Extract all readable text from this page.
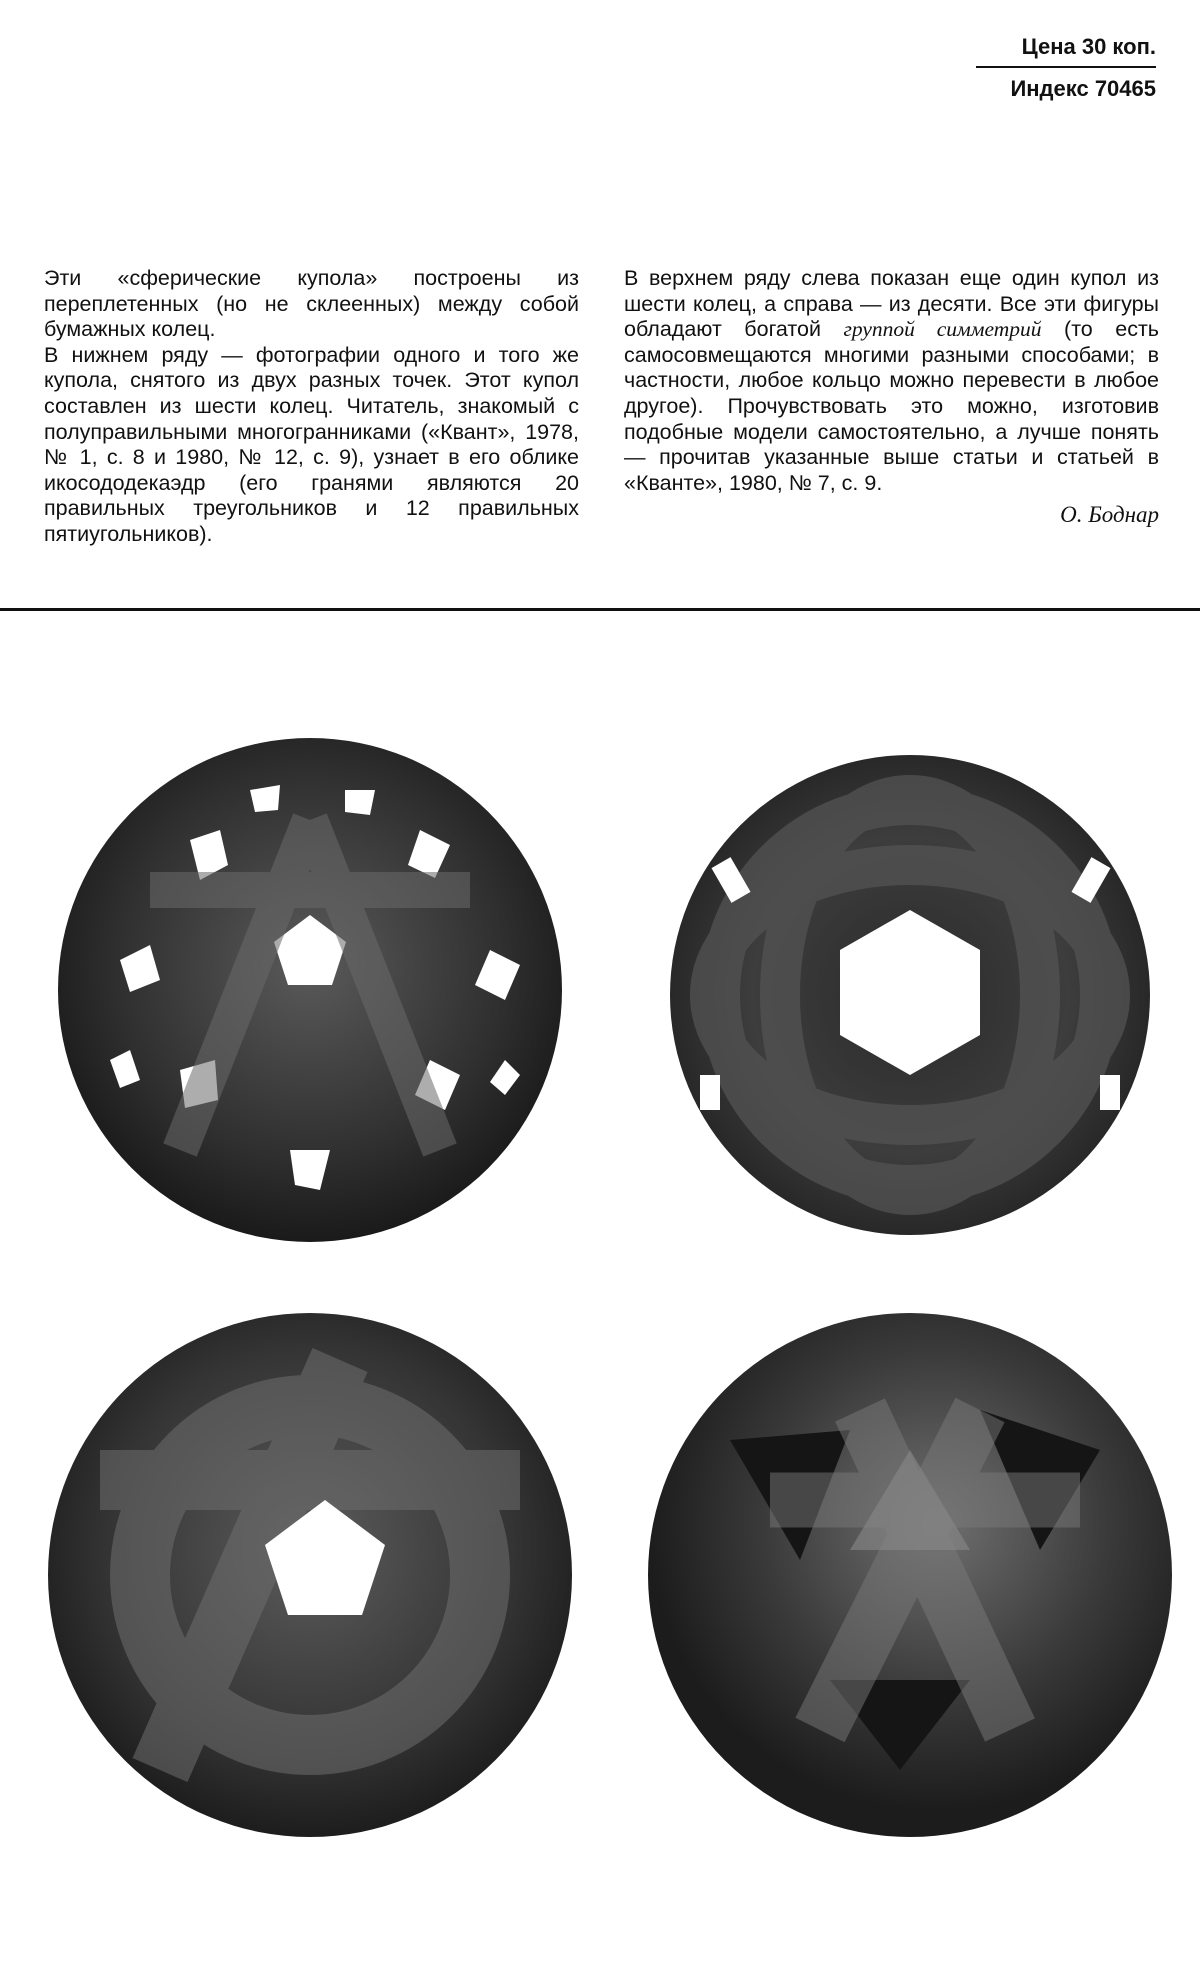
Цена 30 коп.
Индекс 70465

Эти «сферические купола» построены из переплетенных (но не склеенных) между собой бумажных колец.

В нижнем ряду — фотографии одного и того же купола, снятого из двух разных точек. Этот купол составлен из шести колец. Читатель, знакомый с полуправильными многогранниками («Квант», 1978, № 1, с. 8 и 1980, № 12, с. 9), узнает в его облике икосододекаэдр (его гранями являются 20 правильных треугольников и 12 правильных пятиугольников).

В верхнем ряду слева показан еще один купол из шести колец, а справа — из десяти. Все эти фигуры обладают богатой группой симметрий (то есть самосовмещаются многими разными способами; в частности, любое кольцо можно перевести в любое другое). Прочувствовать это можно, изготовив подобные модели самостоятельно, а лучше понять — прочитав указанные выше статьи и статьей в «Кванте», 1980, № 7, с. 9.

О. Боднар
